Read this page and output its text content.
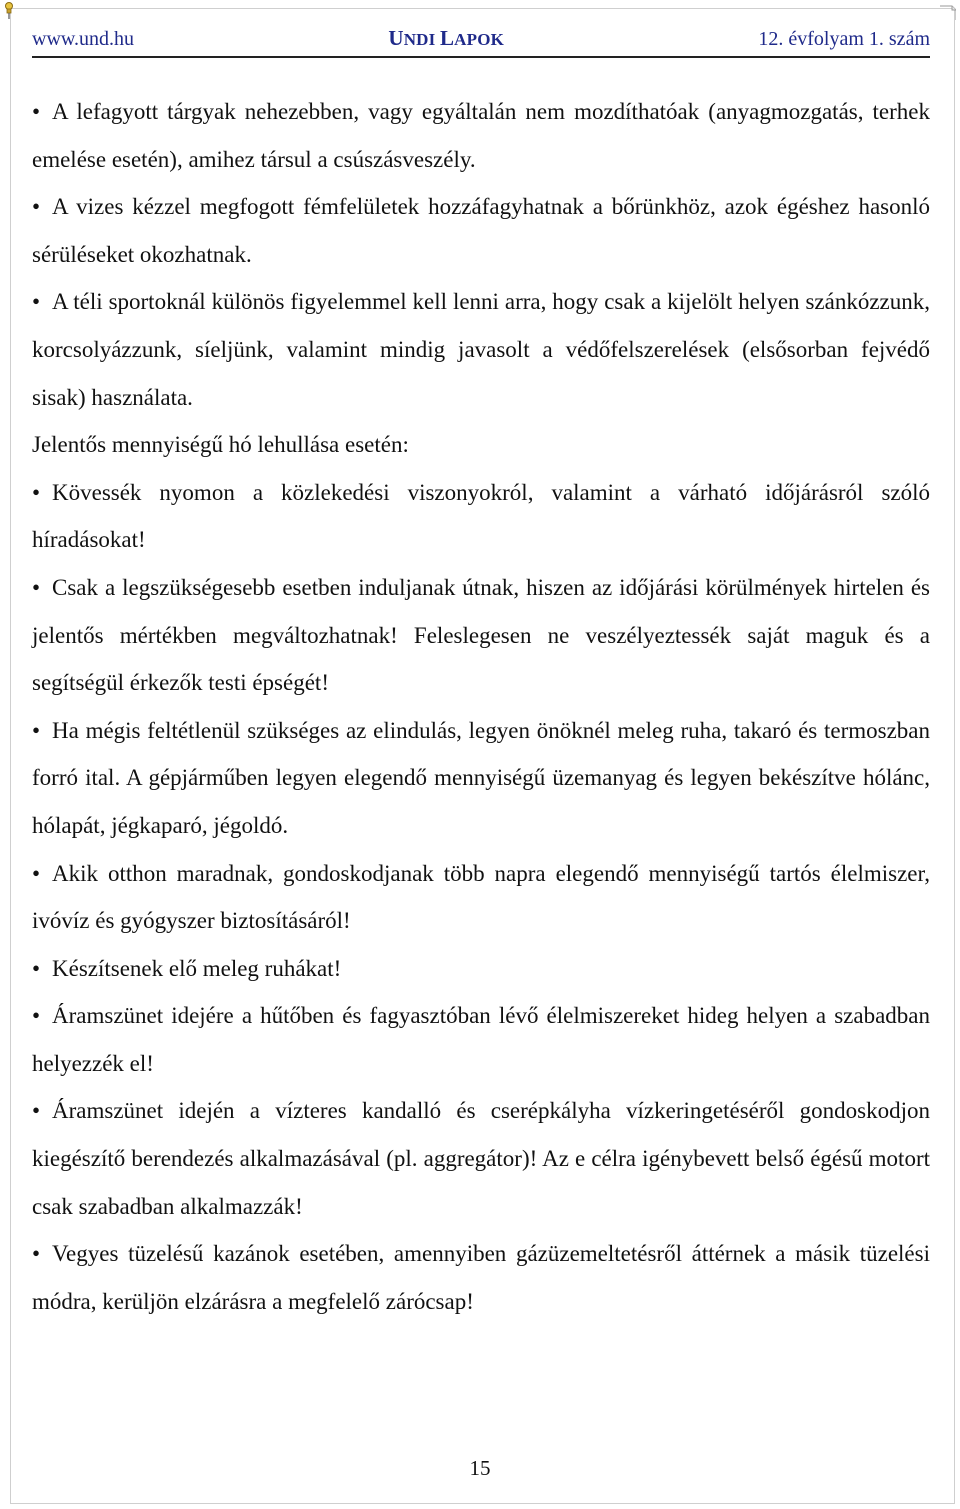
www.und.hu	UNDI LAPOK	12. évfolyam 1. szám

• A lefagyott tárgyak nehezebben, vagy egyáltalán nem mozdíthatóak (anyagmozgatás, terhek emelése esetén), amihez társul a csúszásveszély.

• A vizes kézzel megfogott fémfelületek hozzáfagyhatnak a bőrünkhöz, azok égéshez hasonló sérüléseket okozhatnak.

• A téli sportoknál különös figyelemmel kell lenni arra, hogy csak a kijelölt helyen szánkózzunk, korcsolyázzunk, síeljünk, valamint mindig javasolt a védőfelszerelések (elsősorban fejvédő sisak) használata.

Jelentős mennyiségű hó lehullása esetén:

• Kövessék nyomon a közlekedési viszonyokról, valamint a várható időjárásról szóló híradásokat!

• Csak a legszükségesebb esetben induljanak útnak, hiszen az időjárási körülmények hirtelen és jelentős mértékben megváltozhatnak! Feleslegesen ne veszélyeztessék saját maguk és a segítségül érkezők testi épségét!

• Ha mégis feltétlenül szükséges az elindulás, legyen önöknél meleg ruha, takaró és termoszban forró ital. A gépjárműben legyen elegendő mennyiségű üzemanyag és legyen bekészítve hólánc, hólapát, jégkaparó, jégoldó.

• Akik otthon maradnak, gondoskodjanak több napra elegendő mennyiségű tartós élelmiszer, ivóvíz és gyógyszer biztosításáról!

• Készítsenek elő meleg ruhákat!

• Áramszünet idejére a hűtőben és fagyasztóban lévő élelmiszereket hideg helyen a szabadban helyezzék el!

• Áramszünet idején a vízteres kandalló és cserépkályha vízkeringetéséről gondoskodjon kiegészítő berendezés alkalmazásával (pl. aggregátor)! Az e célra igénybevett belső égésű motort csak szabadban alkalmazzák!

• Vegyes tüzelésű kazánok esetében, amennyiben gázüzemeltetésről áttérnek a másik tüzelési módra, kerüljön elzárásra a megfelelő zárócsap!

15
